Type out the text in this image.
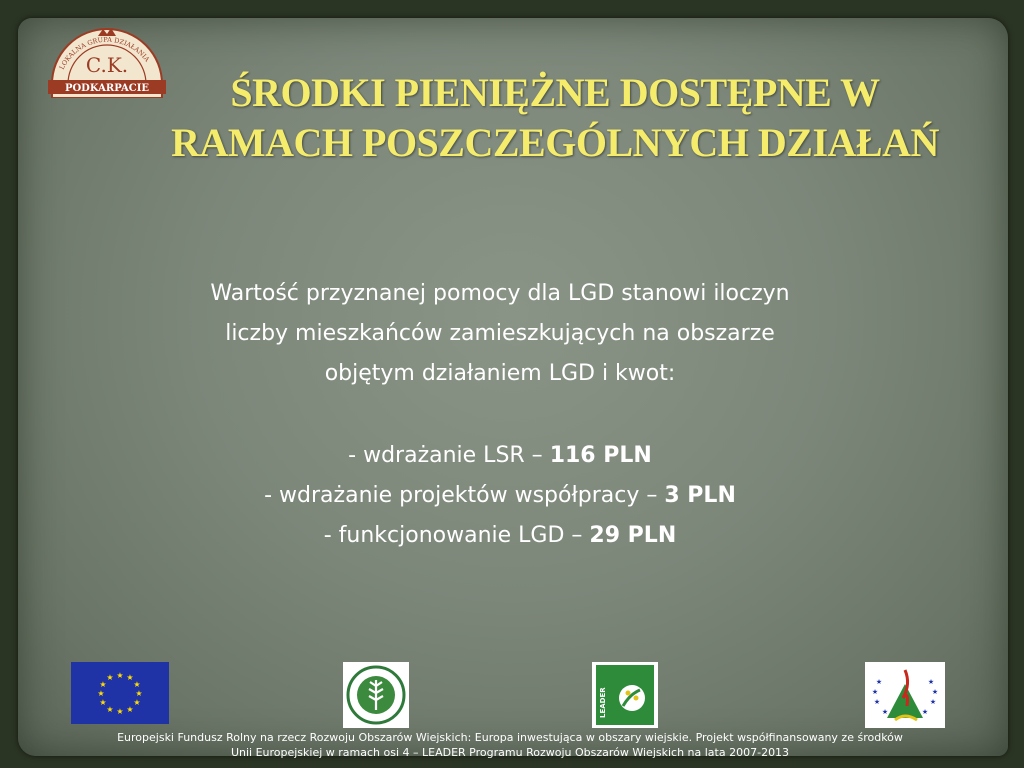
LOKALNA GRUPA DZIAŁANIA
C.K.
PODKARPACIE	ŚRODKI PIENIĘŻNE DOSTĘPNE W
RAMACH POSZCZEGÓLNYCH DZIAŁAŃ
Wartość przyznanej pomocy dla LGD stanowi iloczyn
liczby mieszkańców zamieszkujących na obszarze
objętym działaniem LGD i kwot:
- wdrażanie LSR – 116 PLN
- wdrażanie projektów współpracy – 3 PLN
- funkcjonowanie LGD – 29 PLN
★ ★
★
★
★
★
★
★
★
★
★
★
LEADER
★
★
★
★
★
★
★	★
Europejski Fundusz Rolny na rzecz Rozwoju Obszarów Wiejskich: Europa inwestująca w obszary wiejskie. Projekt współfinansowany ze środków
Unii Europejskiej w ramach osi 4 – LEADER Programu Rozwoju Obszarów Wiejskich na lata 2007-2013
